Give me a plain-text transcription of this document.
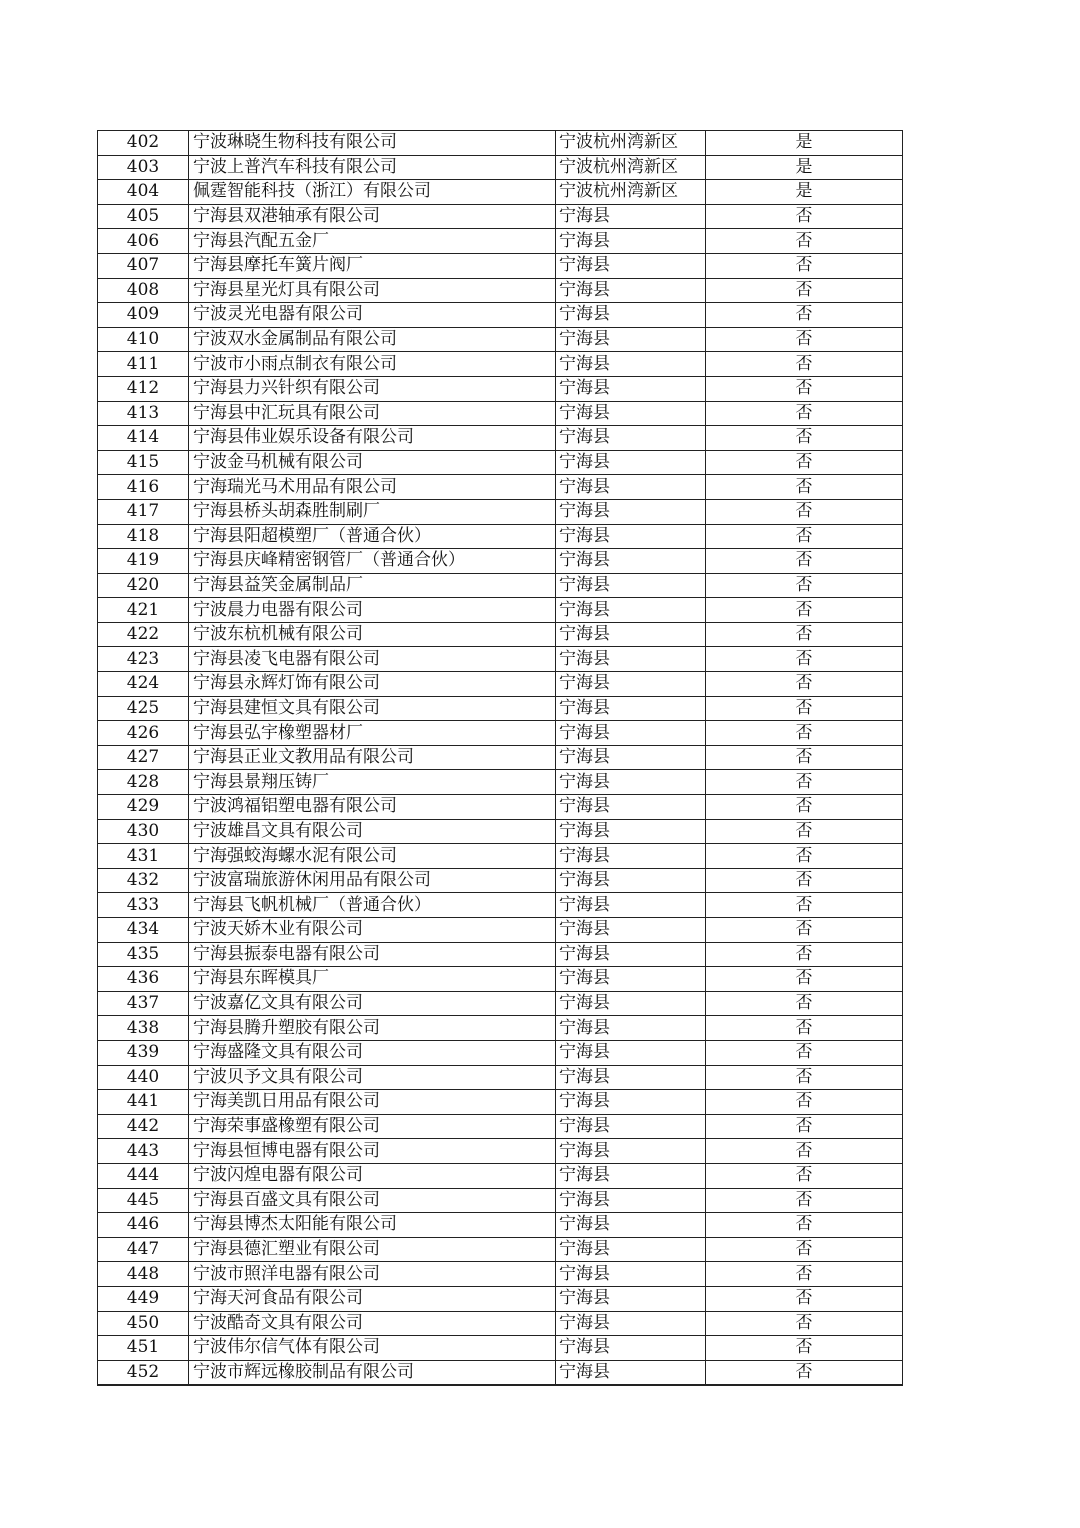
402	宁波琳晓生物科技有限公司	宁波杭州湾新区	是
403	宁波上普汽车科技有限公司	宁波杭州湾新区	是
404	佩霆智能科技（浙江）有限公司	宁波杭州湾新区	是
405	宁海县双港轴承有限公司	宁海县	否
406	宁海县汽配五金厂	宁海县	否
407	宁海县摩托车簧片阀厂	宁海县	否
408	宁海县星光灯具有限公司	宁海县	否
409	宁波灵光电器有限公司	宁海县	否
410	宁波双水金属制品有限公司	宁海县	否
411	宁波市小雨点制衣有限公司	宁海县	否
412	宁海县力兴针织有限公司	宁海县	否
413	宁海县中汇玩具有限公司	宁海县	否
414	宁海县伟业娱乐设备有限公司	宁海县	否
415	宁波金马机械有限公司	宁海县	否
416	宁海瑞光马术用品有限公司	宁海县	否
417	宁海县桥头胡森胜制刷厂	宁海县	否
418	宁海县阳超模塑厂（普通合伙）	宁海县	否
419	宁海县庆峰精密钢管厂（普通合伙）	宁海县	否
420	宁海县益笑金属制品厂	宁海县	否
421	宁波晨力电器有限公司	宁海县	否
422	宁波东杭机械有限公司	宁海县	否
423	宁海县凌飞电器有限公司	宁海县	否
424	宁海县永辉灯饰有限公司	宁海县	否
425	宁海县建恒文具有限公司	宁海县	否
426	宁海县弘宇橡塑器材厂	宁海县	否
427	宁海县正业文教用品有限公司	宁海县	否
428	宁海县景翔压铸厂	宁海县	否
429	宁波鸿福铝塑电器有限公司	宁海县	否
430	宁波雄昌文具有限公司	宁海县	否
431	宁海强蛟海螺水泥有限公司	宁海县	否
432	宁波富瑞旅游休闲用品有限公司	宁海县	否
433	宁海县飞帆机械厂（普通合伙）	宁海县	否
434	宁波天娇木业有限公司	宁海县	否
435	宁海县振泰电器有限公司	宁海县	否
436	宁海县东晖模具厂	宁海县	否
437	宁波嘉亿文具有限公司	宁海县	否
438	宁海县腾升塑胶有限公司	宁海县	否
439	宁海盛隆文具有限公司	宁海县	否
440	宁波贝予文具有限公司	宁海县	否
441	宁海美凯日用品有限公司	宁海县	否
442	宁海荣事盛橡塑有限公司	宁海县	否
443	宁海县恒博电器有限公司	宁海县	否
444	宁波闪煌电器有限公司	宁海县	否
445	宁海县百盛文具有限公司	宁海县	否
446	宁海县博杰太阳能有限公司	宁海县	否
447	宁海县德汇塑业有限公司	宁海县	否
448	宁波市照洋电器有限公司	宁海县	否
449	宁海天河食品有限公司	宁海县	否
450	宁波酷奇文具有限公司	宁海县	否
451	宁波伟尔信气体有限公司	宁海县	否
452	宁波市辉远橡胶制品有限公司	宁海县	否
